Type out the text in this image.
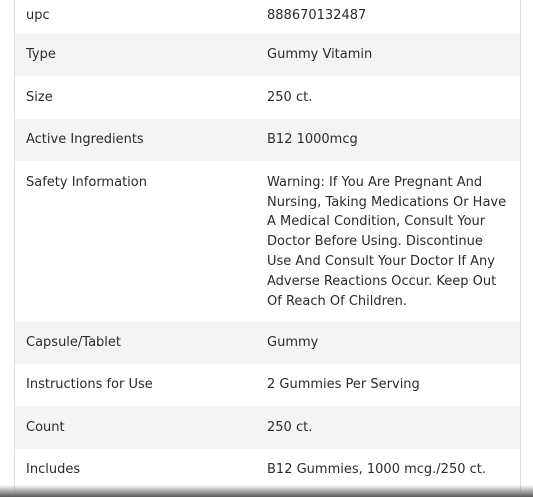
upc	888670132487
Type	Gummy Vitamin
Size	250 ct.
Active Ingredients	B12 1000mcg
Safety Information	Warning: If You Are Pregnant And Nursing, Taking Medications Or Have A Medical Condition, Consult Your Doctor Before Using. Discontinue Use And Consult Your Doctor If Any Adverse Reactions Occur. Keep Out Of Reach Of Children.
Capsule/Tablet	Gummy
Instructions for Use	2 Gummies Per Serving
Count	250 ct.
Includes	B12 Gummies, 1000 mcg./250 ct.
